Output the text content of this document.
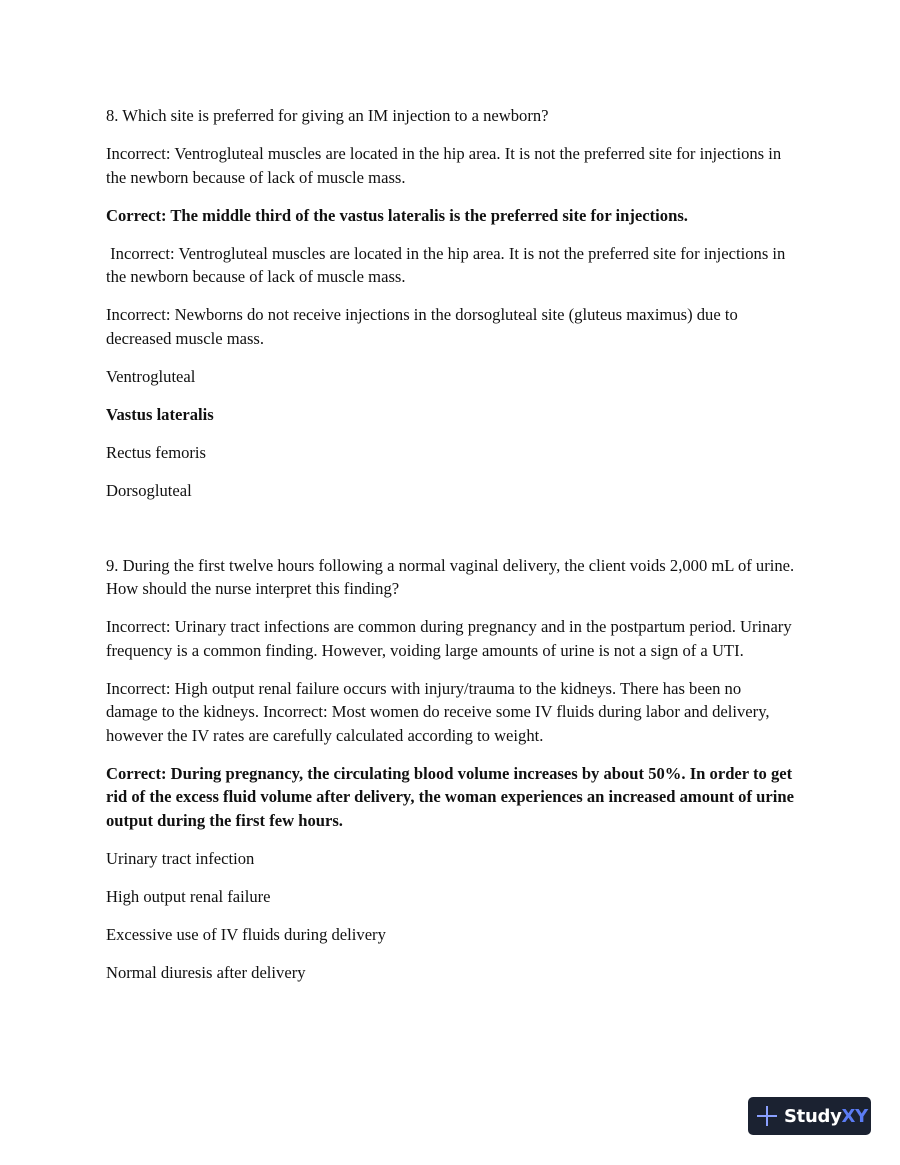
8. Which site is preferred for giving an IM injection to a newborn?

Incorrect: Ventrogluteal muscles are located in the hip area. It is not the preferred site for injections in the newborn because of lack of muscle mass.

Correct: The middle third of the vastus lateralis is the preferred site for injections.

Incorrect: Ventrogluteal muscles are located in the hip area. It is not the preferred site for injections in the newborn because of lack of muscle mass.

Incorrect: Newborns do not receive injections in the dorsogluteal site (gluteus maximus) due to decreased muscle mass.

Ventrogluteal

Vastus lateralis

Rectus femoris

Dorsogluteal

9. During the first twelve hours following a normal vaginal delivery, the client voids 2,000 mL of urine. How should the nurse interpret this finding?

Incorrect: Urinary tract infections are common during pregnancy and in the postpartum period. Urinary frequency is a common finding. However, voiding large amounts of urine is not a sign of a UTI.

Incorrect: High output renal failure occurs with injury/trauma to the kidneys. There has been no damage to the kidneys. Incorrect: Most women do receive some IV fluids during labor and delivery, however the IV rates are carefully calculated according to weight.

Correct: During pregnancy, the circulating blood volume increases by about 50%. In order to get rid of the excess fluid volume after delivery, the woman experiences an increased amount of urine output during the first few hours.

Urinary tract infection

High output renal failure

Excessive use of IV fluids during delivery

Normal diuresis after delivery

StudyXY
